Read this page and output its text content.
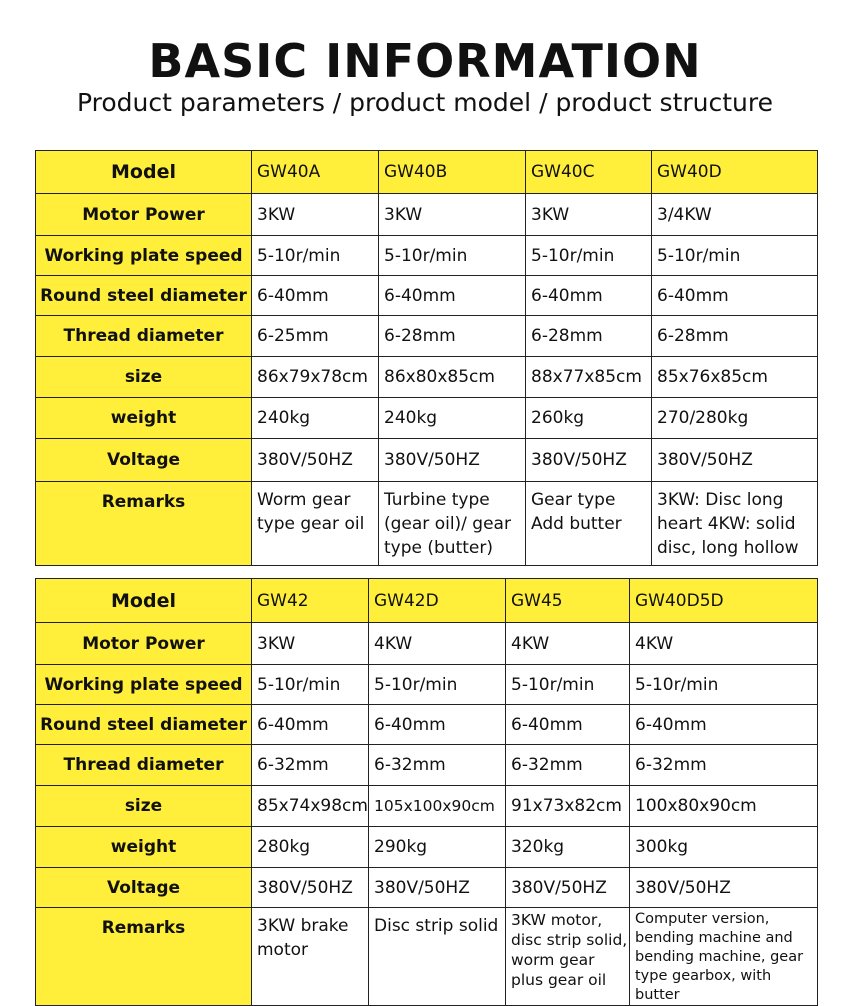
BASIC INFORMATION
Product parameters / product model / product structure
Model	GW40A	GW40B	GW40C	GW40D
Motor Power	3KW	3KW	3KW	3/4KW
Working plate speed	5-10r/min	5-10r/min	5-10r/min	5-10r/min
Round steel diameter	6-40mm	6-40mm	6-40mm	6-40mm
Thread diameter	6-25mm	6-28mm	6-28mm	6-28mm
size	86x79x78cm	86x80x85cm	88x77x85cm	85x76x85cm
weight	240kg	240kg	260kg	270/280kg
Voltage	380V/50HZ	380V/50HZ	380V/50HZ	380V/50HZ
Remarks	Worm gear type gear oil	Turbine type (gear oil)/ gear type (butter)	Gear type Add butter	3KW: Disc long heart 4KW: solid disc, long hollow
Model	GW42	GW42D	GW45	GW40D5D
Motor Power	3KW	4KW	4KW	4KW
Working plate speed	5-10r/min	5-10r/min	5-10r/min	5-10r/min
Round steel diameter	6-40mm	6-40mm	6-40mm	6-40mm
Thread diameter	6-32mm	6-32mm	6-32mm	6-32mm
size	85x74x98cm	105x100x90cm	91x73x82cm	100x80x90cm
weight	280kg	290kg	320kg	300kg
Voltage	380V/50HZ	380V/50HZ	380V/50HZ	380V/50HZ
Remarks	3KW brake motor	Disc strip solid	3KW motor, disc strip solid, worm gear plus gear oil	Computer version, bending machine and bending machine, gear type gearbox, with butter
